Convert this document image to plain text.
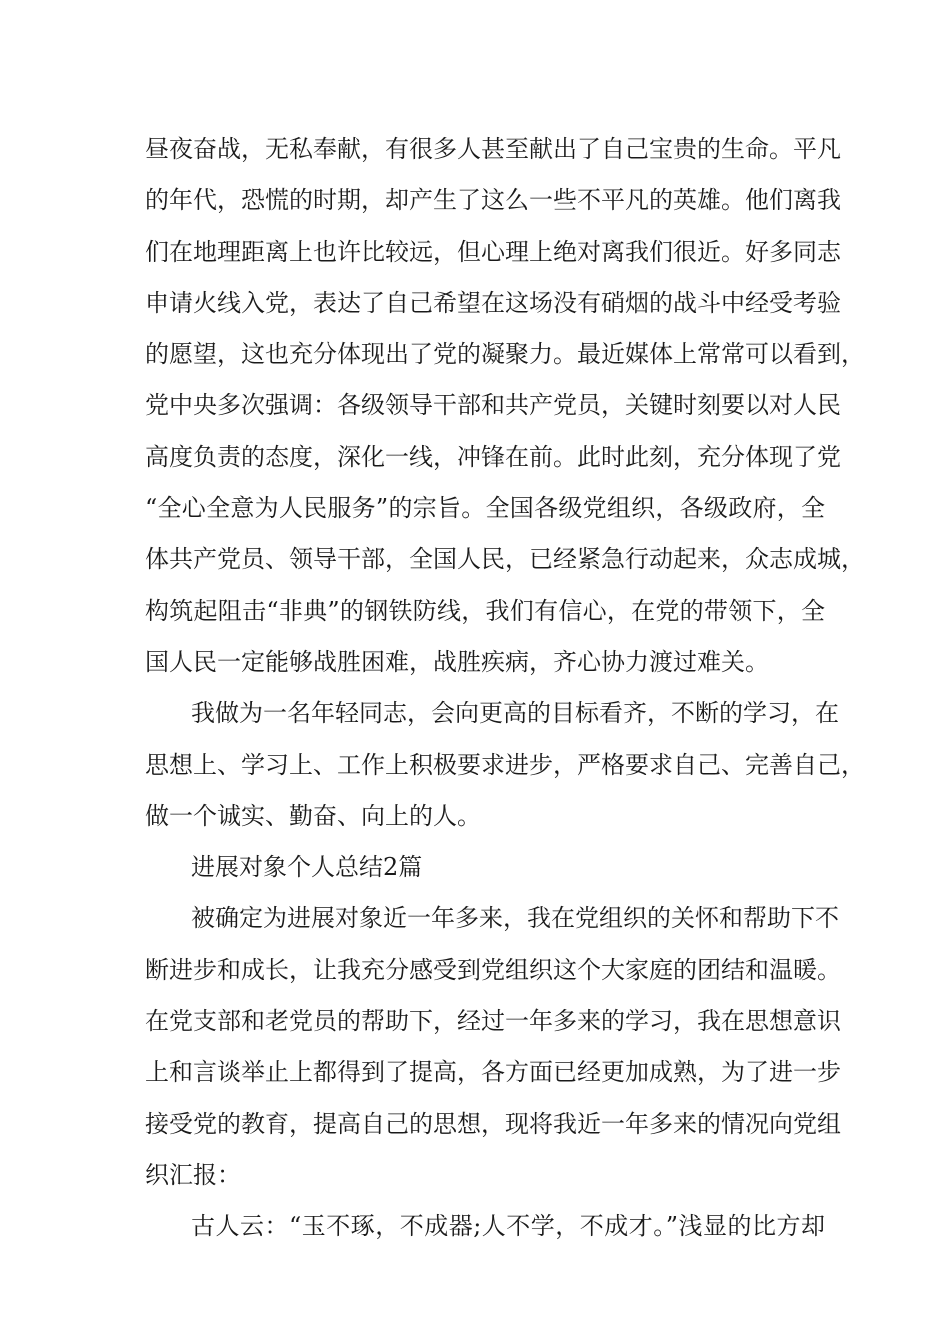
昼夜奋战，无私奉献，有很多人甚至献出了自己宝贵的生命。平凡
的年代，恐慌的时期，却产生了这么一些不平凡的英雄。他们离我
们在地理距离上也许比较远，但心理上绝对离我们很近。好多同志
申请火线入党，表达了自己希望在这场没有硝烟的战斗中经受考验
的愿望，这也充分体现出了党的凝聚力。最近媒体上常常可以看到，
党中央多次强调：各级领导干部和共产党员，关键时刻要以对人民
高度负责的态度，深化一线，冲锋在前。此时此刻，充分体现了党
“全心全意为人民服务”的宗旨。全国各级党组织，各级政府，全
体共产党员、领导干部，全国人民，已经紧急行动起来，众志成城，
构筑起阻击“非典”的钢铁防线，我们有信心，在党的带领下，全
国人民一定能够战胜困难，战胜疾病，齐心协力渡过难关。
我做为一名年轻同志，会向更高的目标看齐，不断的学习，在
思想上、学习上、工作上积极要求进步，严格要求自己、完善自己，
做一个诚实、勤奋、向上的人。
进展对象个人总结2篇
被确定为进展对象近一年多来，我在党组织的关怀和帮助下不
断进步和成长，让我充分感受到党组织这个大家庭的团结和温暖。
在党支部和老党员的帮助下，经过一年多来的学习，我在思想意识
上和言谈举止上都得到了提高，各方面已经更加成熟，为了进一步
接受党的教育，提高自己的思想，现将我近一年多来的情况向党组
织汇报：
古人云：“玉不琢，不成器;人不学，不成才。”浅显的比方却
